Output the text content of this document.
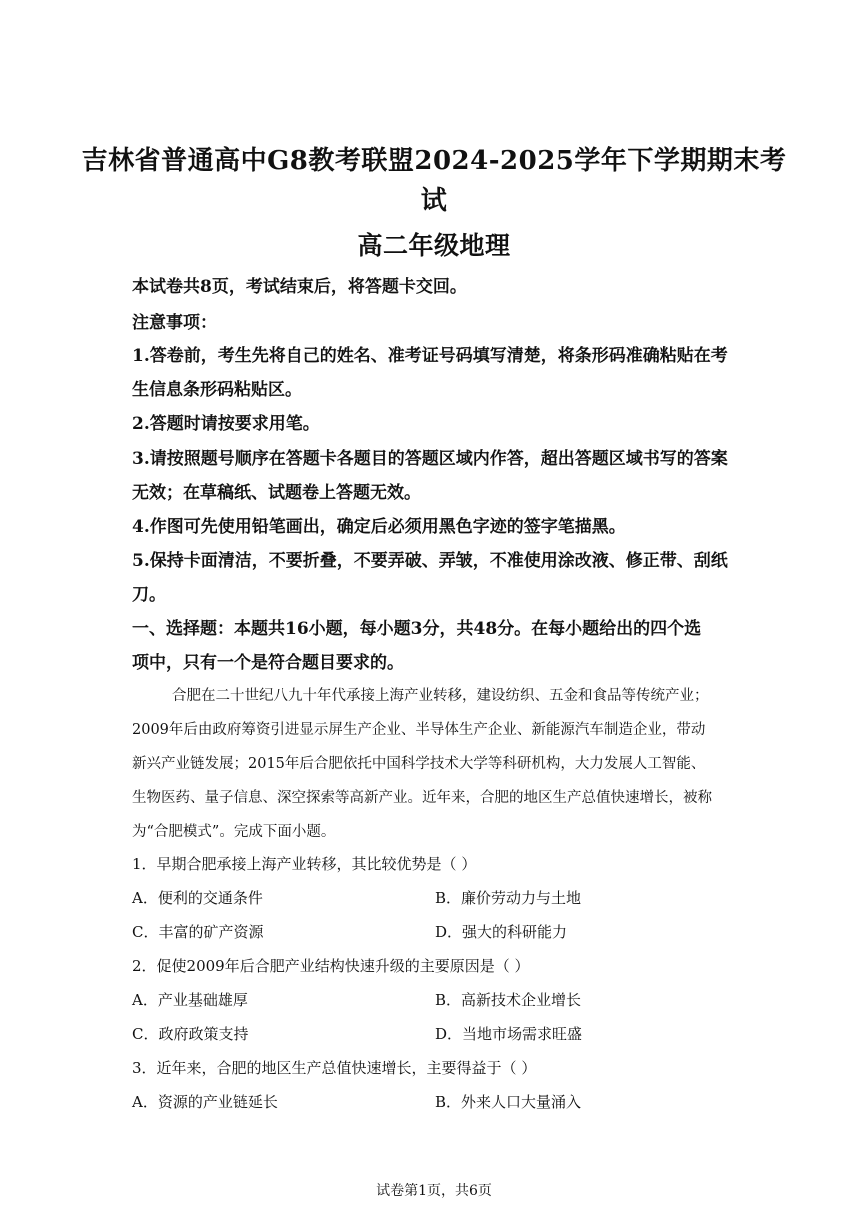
吉林省普通高中G8教考联盟2024-2025学年下学期期末考
试
高二年级地理
本试卷共8页，考试结束后，将答题卡交回。
注意事项：
1.答卷前，考生先将自己的姓名、准考证号码填写清楚，将条形码准确粘贴在考
生信息条形码粘贴区。
2.答题时请按要求用笔。
3.请按照题号顺序在答题卡各题目的答题区域内作答，超出答题区域书写的答案
无效；在草稿纸、试题卷上答题无效。
4.作图可先使用铅笔画出，确定后必须用黑色字迹的签字笔描黑。
5.保持卡面清洁，不要折叠，不要弄破、弄皱，不准使用涂改液、修正带、刮纸
刀。
一、选择题：本题共16小题，每小题3分，共48分。在每小题给出的四个选
项中，只有一个是符合题目要求的。
合肥在二十世纪八九十年代承接上海产业转移，建设纺织、五金和食品等传统产业；
2009年后由政府筹资引进显示屏生产企业、半导体生产企业、新能源汽车制造企业，带动
新兴产业链发展；2015年后合肥依托中国科学技术大学等科研机构，大力发展人工智能、
生物医药、量子信息、深空探索等高新产业。近年来，合肥的地区生产总值快速增长，被称
为“合肥模式”。完成下面小题。
1．早期合肥承接上海产业转移，其比较优势是（ ）
A．便利的交通条件	B．廉价劳动力与土地
C．丰富的矿产资源	D．强大的科研能力
2．促使2009年后合肥产业结构快速升级的主要原因是（ ）
A．产业基础雄厚	B．高新技术企业增长
C．政府政策支持	D．当地市场需求旺盛
3．近年来，合肥的地区生产总值快速增长，主要得益于（ ）
A．资源的产业链延长	B．外来人口大量涌入
试卷第1页，共6页
